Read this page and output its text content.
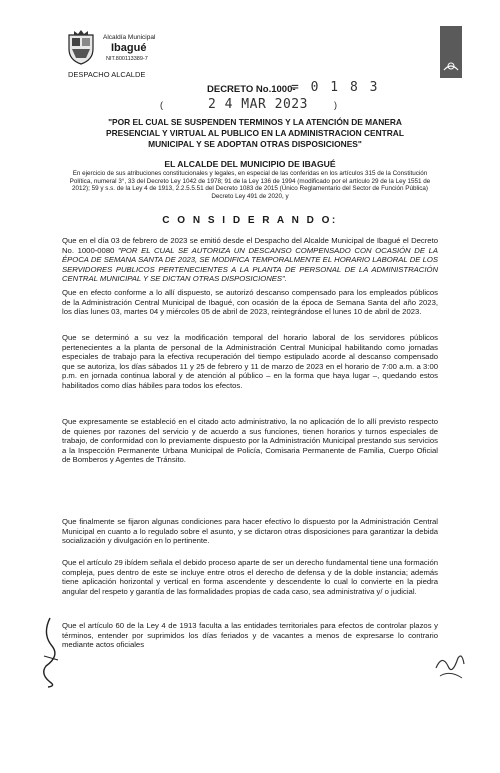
Alcaldía Municipal
Ibagué
NIT.800113389-7
DESPACHO ALCALDE
DECRETO No.1000-
= 0 1 8 3
(	2 4 MAR 2023	)
"POR EL CUAL SE SUSPENDEN TERMINOS Y LA ATENCIÓN DE MANERA PRESENCIAL Y VIRTUAL AL PUBLICO EN LA ADMINISTRACION CENTRAL MUNICIPAL Y SE ADOPTAN OTRAS DISPOSICIONES"
EL ALCALDE DEL MUNICIPIO DE IBAGUÉ
En ejercicio de sus atribuciones constitucionales y legales, en especial de las conferidas en los artículos 315 de la Constitución Política, numeral 3°, 33 del Decreto Ley 1042 de 1978; 91 de la Ley 136 de 1994 (modificado por el artículo 29 de la Ley 1551 de 2012); 59 y s.s. de la Ley 4 de 1913, 2.2.5.5.51 del Decreto 1083 de 2015 (Único Reglamentario del Sector de Función Pública) Decreto Ley 491 de 2020, y
C O N S I D E R A N D O:
Que en el día 03 de febrero de 2023 se emitió desde el Despacho del Alcalde Municipal de Ibagué el Decreto No. 1000-0080 "POR EL CUAL SE AUTORIZA UN DESCANSO COMPENSADO CON OCASIÓN DE LA ÉPOCA DE SEMANA SANTA DE 2023, SE MODIFICA TEMPORALMENTE EL HORARIO LABORAL DE LOS SERVIDORES PUBLICOS PERTENECIENTES A LA PLANTA DE PERSONAL DE LA ADMINISTRACIÓN CENTRAL MUNICIPAL Y SE DICTAN OTRAS DISPOSICIONES".
Que en efecto conforme a lo allí dispuesto, se autorizó descanso compensado para los empleados públicos de la Administración Central Municipal de Ibagué, con ocasión de la época de Semana Santa del año 2023, los días lunes 03, martes 04 y miércoles 05 de abril de 2023, reintegrándose el lunes 10 de abril de 2023.
Que se determinó a su vez la modificación temporal del horario laboral de los servidores públicos pertenecientes a la planta de personal de la Administración Central Municipal habilitando como jornadas especiales de trabajo para la efectiva recuperación del tiempo estipulado acorde al descanso compensado que se autoriza, los días sábados 11 y 25 de febrero y 11 de marzo de 2023 en el horario de 7:00 a.m. a 3:00 p.m. en jornada continua laboral y de atención al público – en la forma que haya lugar –, quedando estos habilitados como días hábiles para todos los efectos.
Que expresamente se estableció en el citado acto administrativo, la no aplicación de lo allí previsto respecto de quienes por razones del servicio y de acuerdo a sus funciones, tienen horarios y turnos especiales de trabajo, de conformidad con lo previamente dispuesto por la Administración Municipal prestando sus servicios a la Inspección Permanente Urbana Municipal de Policía, Comisaria Permanente de Familia, Cuerpo Oficial de Bomberos y Agentes de Tránsito.
Que finalmente se fijaron algunas condiciones para hacer efectivo lo dispuesto por la Administración Central Municipal en cuanto a lo regulado sobre el asunto, y se dictaron otras disposiciones para garantizar la debida socialización y divulgación en lo pertinente.
Que el artículo 29 ibídem señala el debido proceso aparte de ser un derecho fundamental tiene una formación compleja, pues dentro de este se incluye entre otros el derecho de defensa y de la doble instancia; además tiene aplicación horizontal y vertical en forma ascendente y descendente lo cual lo convierte en la piedra angular del respeto y garantía de las formalidades propias de cada caso, sea administrativa y/ o judicial.
Que el artículo 60 de la Ley 4 de 1913 faculta a las entidades territoriales para efectos de controlar plazos y términos, entender por suprimidos los días feriados y de vacantes a menos de expresarse lo contrario mediante actos oficiales
